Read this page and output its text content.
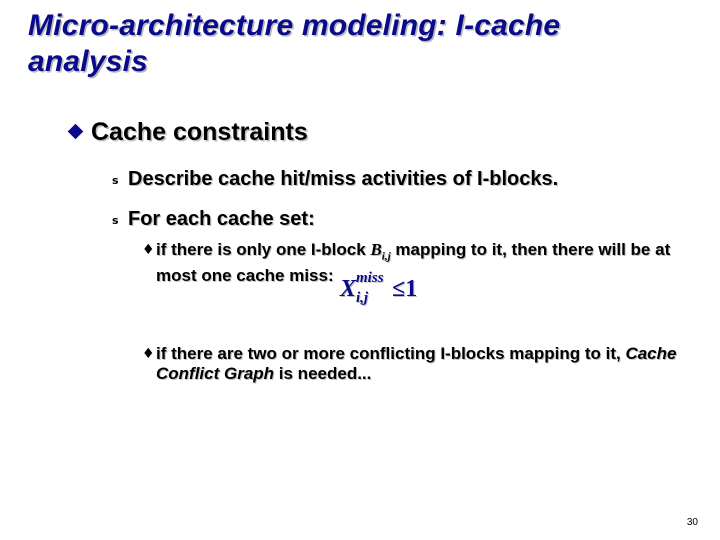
Micro-architecture modeling: I-cache analysis
Cache constraints
s Describe cache hit/miss activities of I-blocks.
s For each cache set:
♦ if there is only one I-block $B_{i,j}$ mapping to it, then there will be at most one cache miss:
X miss
i,j ≤1
♦ if there are two or more conflicting I-blocks mapping to it, Cache Conflict Graph is needed...
30
